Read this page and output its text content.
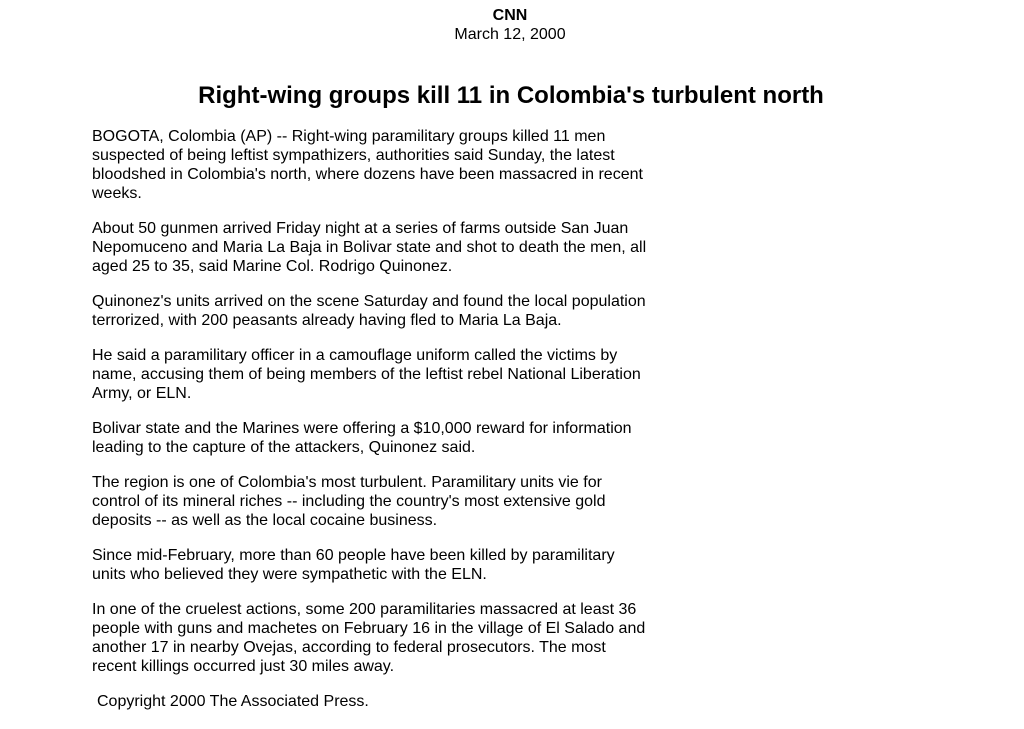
CNN
March 12, 2000
Right-wing groups kill 11 in Colombia's turbulent north

BOGOTA, Colombia (AP) -- Right-wing paramilitary groups killed 11 men suspected of being leftist sympathizers, authorities said Sunday, the latest bloodshed in Colombia's north, where dozens have been massacred in recent weeks.

About 50 gunmen arrived Friday night at a series of farms outside San Juan Nepomuceno and Maria La Baja in Bolivar state and shot to death the men, all aged 25 to 35, said Marine Col. Rodrigo Quinonez.

Quinonez's units arrived on the scene Saturday and found the local population terrorized, with 200 peasants already having fled to Maria La Baja.

He said a paramilitary officer in a camouflage uniform called the victims by name, accusing them of being members of the leftist rebel National Liberation Army, or ELN.

Bolivar state and the Marines were offering a $10,000 reward for information leading to the capture of the attackers, Quinonez said.

The region is one of Colombia's most turbulent. Paramilitary units vie for control of its mineral riches -- including the country's most extensive gold deposits -- as well as the local cocaine business.

Since mid-February, more than 60 people have been killed by paramilitary units who believed they were sympathetic with the ELN.

In one of the cruelest actions, some 200 paramilitaries massacred at least 36 people with guns and machetes on February 16 in the village of El Salado and another 17 in nearby Ovejas, according to federal prosecutors. The most recent killings occurred just 30 miles away.

Copyright 2000 The Associated Press.
